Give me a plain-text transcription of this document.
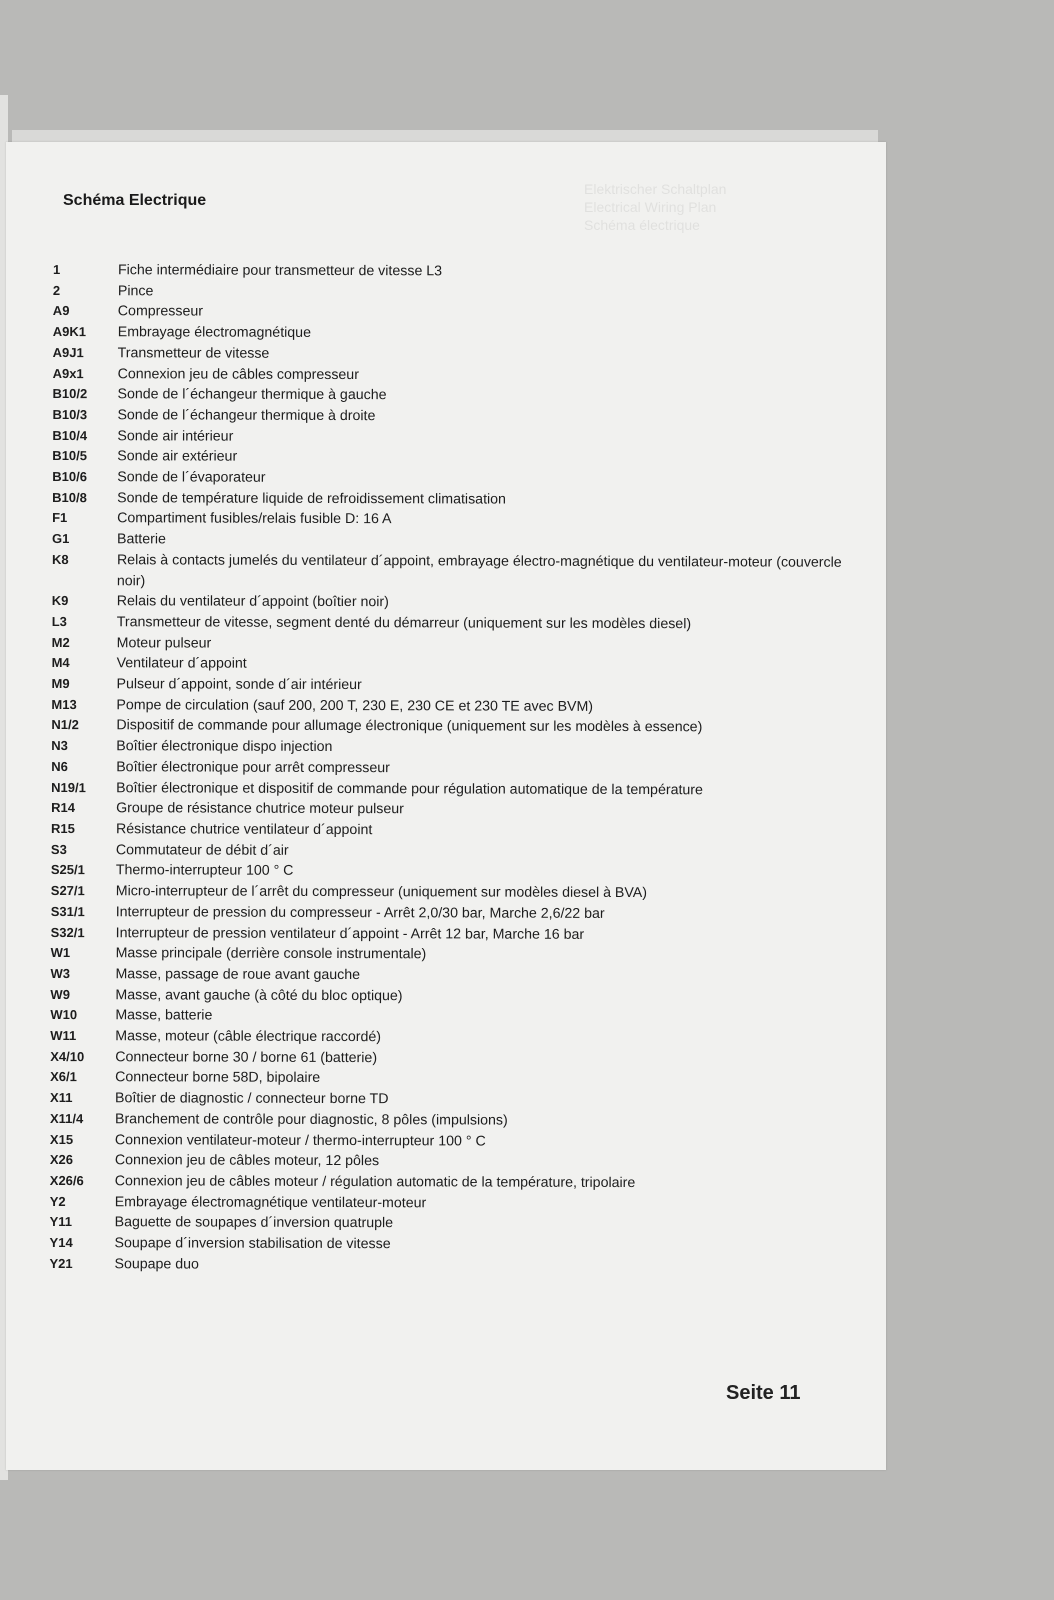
Elektrischer Schaltplan
Electrical Wiring Plan
Schéma électrique
Schéma Electrique
1	Fiche intermédiaire pour transmetteur de vitesse L3
2	Pince
A9	Compresseur
A9K1	Embrayage électromagnétique
A9J1	Transmetteur de vitesse
A9x1	Connexion jeu de câbles compresseur
B10/2	Sonde de l´échangeur thermique à gauche
B10/3	Sonde de l´échangeur thermique à droite
B10/4	Sonde air intérieur
B10/5	Sonde air extérieur
B10/6	Sonde de l´évaporateur
B10/8	Sonde de température liquide de refroidissement climatisation
F1	Compartiment fusibles/relais fusible D: 16 A
G1	Batterie
K8	Relais à contacts jumelés du ventilateur d´appoint, embrayage électro-magnétique du ventilateur-moteur (couvercle noir)
K9	Relais du ventilateur d´appoint (boîtier noir)
L3	Transmetteur de vitesse, segment denté du démarreur (uniquement sur les modèles diesel)
M2	Moteur pulseur
M4	Ventilateur d´appoint
M9	Pulseur d´appoint, sonde d´air intérieur
M13	Pompe de circulation (sauf 200, 200 T, 230 E, 230 CE et 230 TE avec BVM)
N1/2	Dispositif de commande pour allumage électronique (uniquement sur les modèles à essence)
N3	Boîtier électronique dispo injection
N6	Boîtier électronique pour arrêt compresseur
N19/1	Boîtier électronique et dispositif de commande pour régulation automatique de la température
R14	Groupe de résistance chutrice moteur pulseur
R15	Résistance chutrice ventilateur d´appoint
S3	Commutateur de débit d´air
S25/1	Thermo-interrupteur 100 ° C
S27/1	Micro-interrupteur de l´arrêt du compresseur (uniquement sur modèles diesel à BVA)
S31/1	Interrupteur de pression du compresseur - Arrêt 2,0/30 bar, Marche 2,6/22 bar
S32/1	Interrupteur de pression ventilateur d´appoint - Arrêt 12 bar, Marche 16 bar
W1	Masse principale (derrière console instrumentale)
W3	Masse, passage de roue avant gauche
W9	Masse, avant gauche (à côté du bloc optique)
W10	Masse, batterie
W11	Masse, moteur (câble électrique raccordé)
X4/10	Connecteur borne 30 / borne 61 (batterie)
X6/1	Connecteur borne 58D, bipolaire
X11	Boîtier de diagnostic / connecteur borne TD
X11/4	Branchement de contrôle pour diagnostic, 8 pôles (impulsions)
X15	Connexion ventilateur-moteur / thermo-interrupteur 100 ° C
X26	Connexion jeu de câbles moteur, 12 pôles
X26/6	Connexion jeu de câbles moteur / régulation automatic de la température, tripolaire
Y2	Embrayage électromagnétique ventilateur-moteur
Y11	Baguette de soupapes d´inversion quatruple
Y14	Soupape d´inversion stabilisation de vitesse
Y21	Soupape duo
Seite 11
